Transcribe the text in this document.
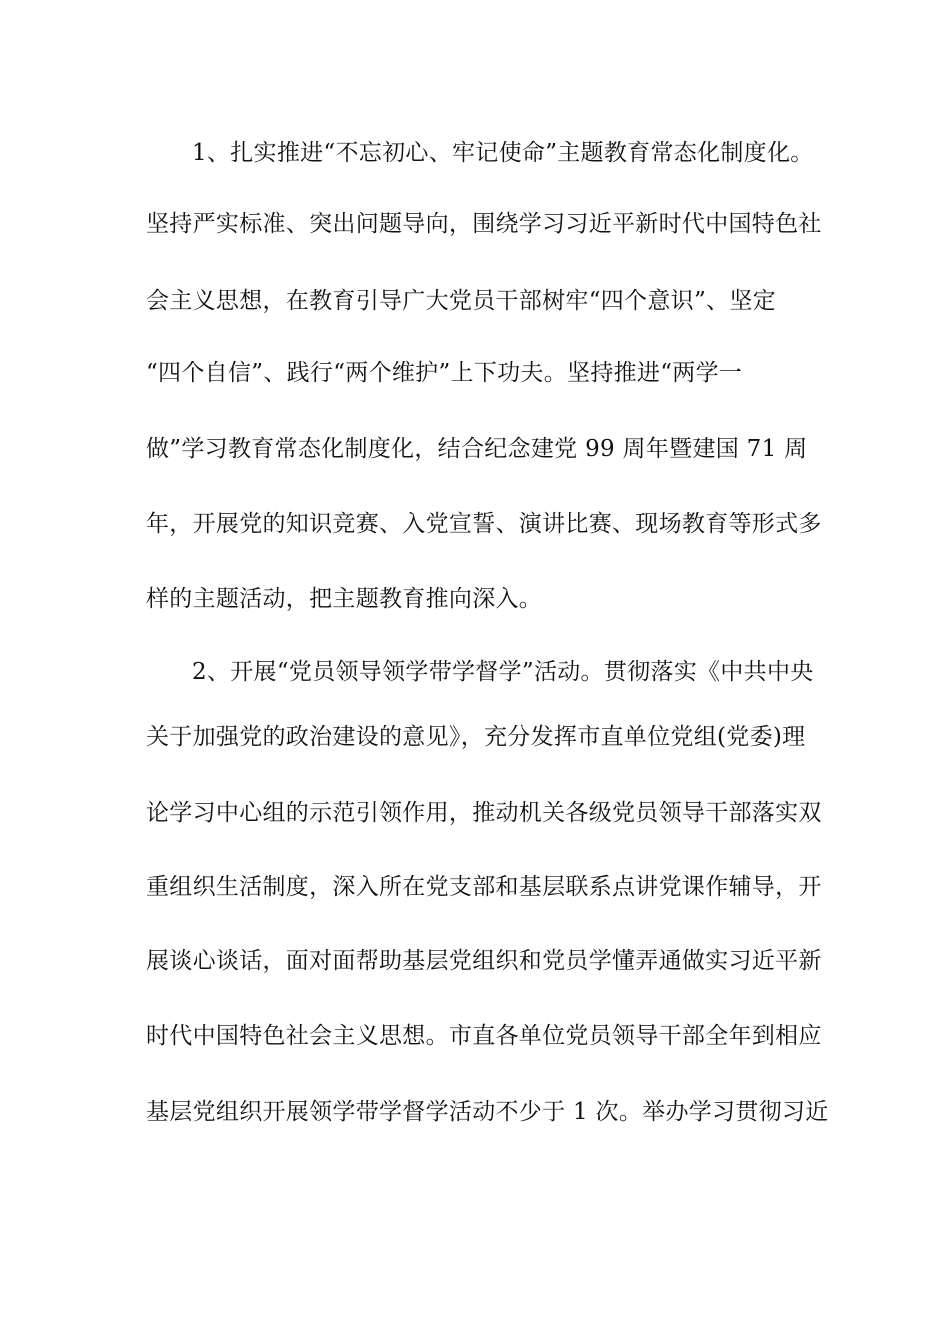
1、扎实推进“不忘初心、牢记使命”主题教育常态化制度化。
坚持严实标准、突出问题导向，围绕学习习近平新时代中国特色社
会主义思想，在教育引导广大党员干部树牢“四个意识”、坚定
“四个自信”、践行“两个维护”上下功夫。坚持推进“两学一
做”学习教育常态化制度化，结合纪念建党 99 周年暨建国 71 周
年，开展党的知识竞赛、入党宣誓、演讲比赛、现场教育等形式多
样的主题活动，把主题教育推向深入。
2、开展“党员领导领学带学督学”活动。贯彻落实《中共中央
关于加强党的政治建设的意见》，充分发挥市直单位党组(党委)理
论学习中心组的示范引领作用，推动机关各级党员领导干部落实双
重组织生活制度，深入所在党支部和基层联系点讲党课作辅导，开
展谈心谈话，面对面帮助基层党组织和党员学懂弄通做实习近平新
时代中国特色社会主义思想。市直各单位党员领导干部全年到相应
基层党组织开展领学带学督学活动不少于 1 次。举办学习贯彻习近
